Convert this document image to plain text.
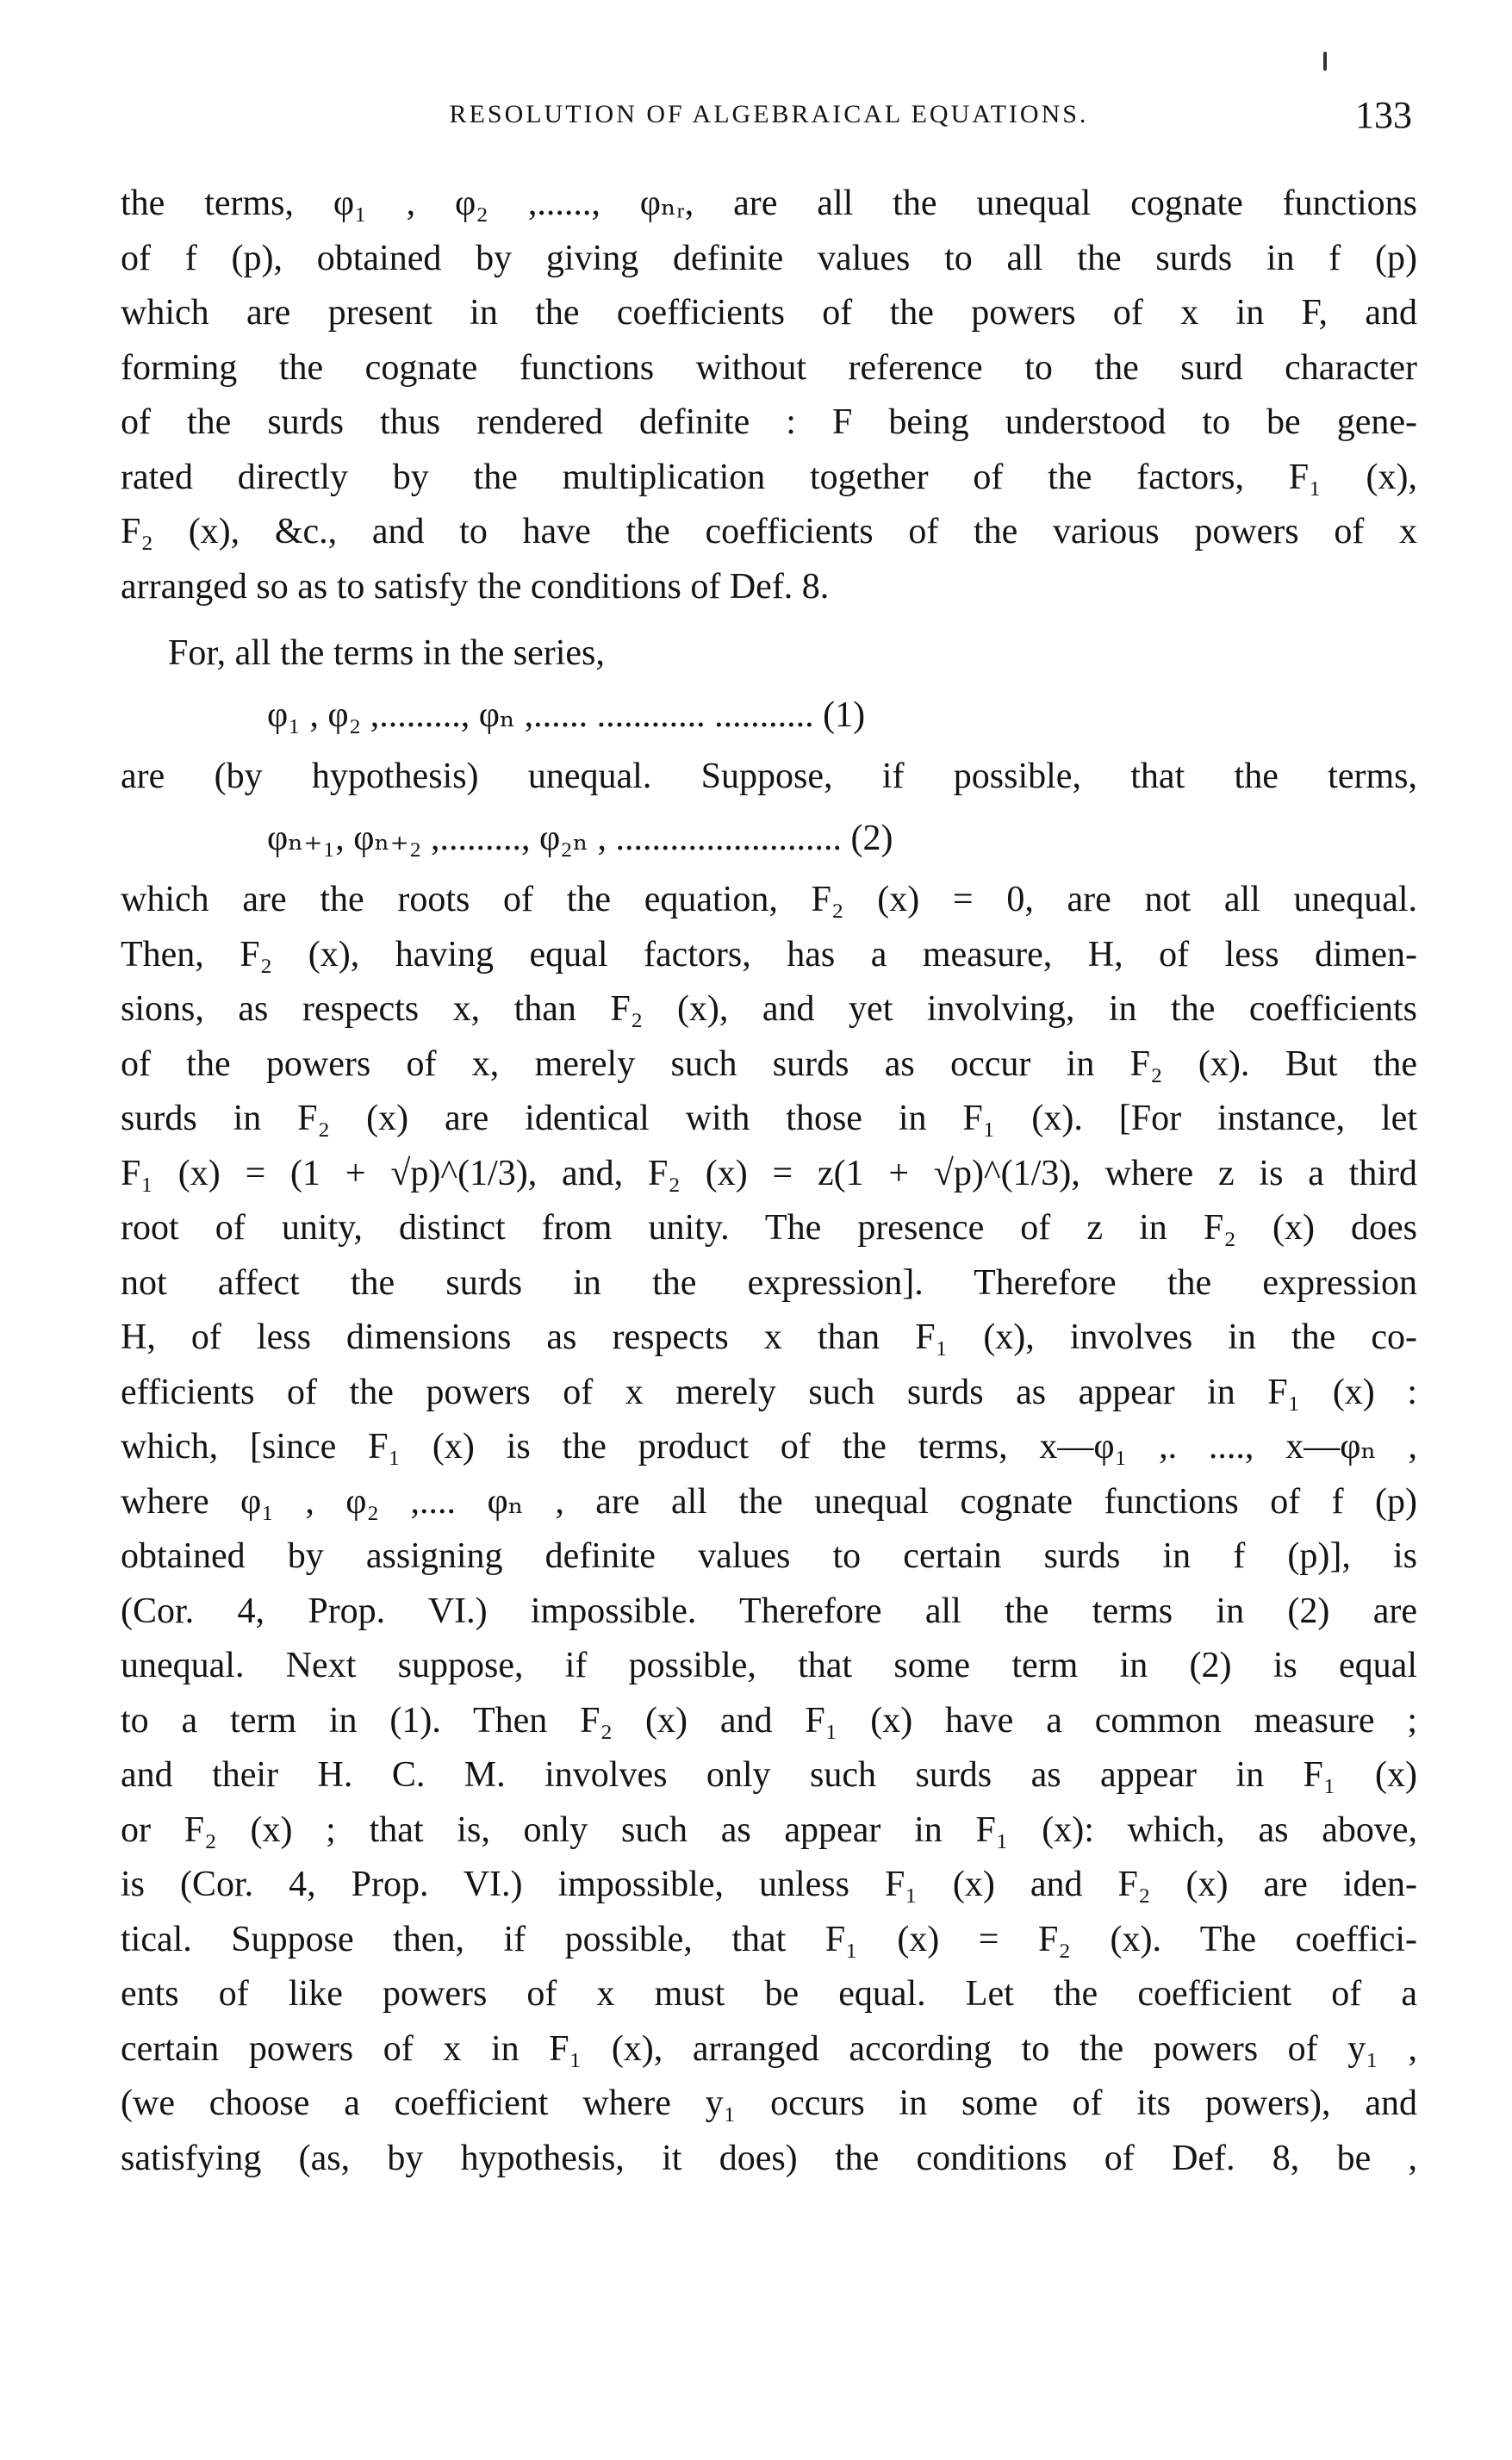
RESOLUTION OF ALGEBRAICAL EQUATIONS.	133
the terms, φ₁ , φ₂ ,......, φₙᵣ, are all the unequal cognate functions
of f (p), obtained by giving definite values to all the surds in f (p)
which are present in the coefficients of the powers of x in F, and
forming the cognate functions without reference to the surd character
of the surds thus rendered definite : F being understood to be gene-
rated directly by the multiplication together of the factors, F₁ (x),
F₂ (x), &c., and to have the coefficients of the various powers of x
arranged so as to satisfy the conditions of Def. 8.
For, all the terms in the series,
φ₁ , φ₂ ,........., φₙ ,...... ............ ........... (1)
are (by hypothesis) unequal. Suppose, if possible, that the terms,
φₙ₊₁, φₙ₊₂ ,........., φ₂ₙ , ......................... (2)
which are the roots of the equation, F₂ (x) = 0, are not all unequal.
Then, F₂ (x), having equal factors, has a measure, H, of less dimen-
sions, as respects x, than F₂ (x), and yet involving, in the coefficients
of the powers of x, merely such surds as occur in F₂ (x). But the
surds in F₂ (x) are identical with those in F₁ (x). [For instance, let
F₁ (x) = (1 + √p)^(1/3), and, F₂ (x) = z(1 + √p)^(1/3), where z is a third
root of unity, distinct from unity. The presence of z in F₂ (x) does
not affect the surds in the expression]. Therefore the expression
H, of less dimensions as respects x than F₁ (x), involves in the co-
efficients of the powers of x merely such surds as appear in F₁ (x) :
which, [since F₁ (x) is the product of the terms, x—φ₁ ,. ...., x—φₙ ,
where φ₁ , φ₂ ,.... φₙ , are all the unequal cognate functions of f (p)
obtained by assigning definite values to certain surds in f (p)], is
(Cor. 4, Prop. VI.) impossible. Therefore all the terms in (2) are
unequal. Next suppose, if possible, that some term in (2) is equal
to a term in (1). Then F₂ (x) and F₁ (x) have a common measure ;
and their H. C. M. involves only such surds as appear in F₁ (x)
or F₂ (x) ; that is, only such as appear in F₁ (x): which, as above,
is (Cor. 4, Prop. VI.) impossible, unless F₁ (x) and F₂ (x) are iden-
tical. Suppose then, if possible, that F₁ (x) = F₂ (x). The coeffici-
ents of like powers of x must be equal. Let the coefficient of a
certain powers of x in F₁ (x), arranged according to the powers of y₁ ,
(we choose a coefficient where y₁ occurs in some of its powers), and
satisfying (as, by hypothesis, it does) the conditions of Def. 8, be ,
